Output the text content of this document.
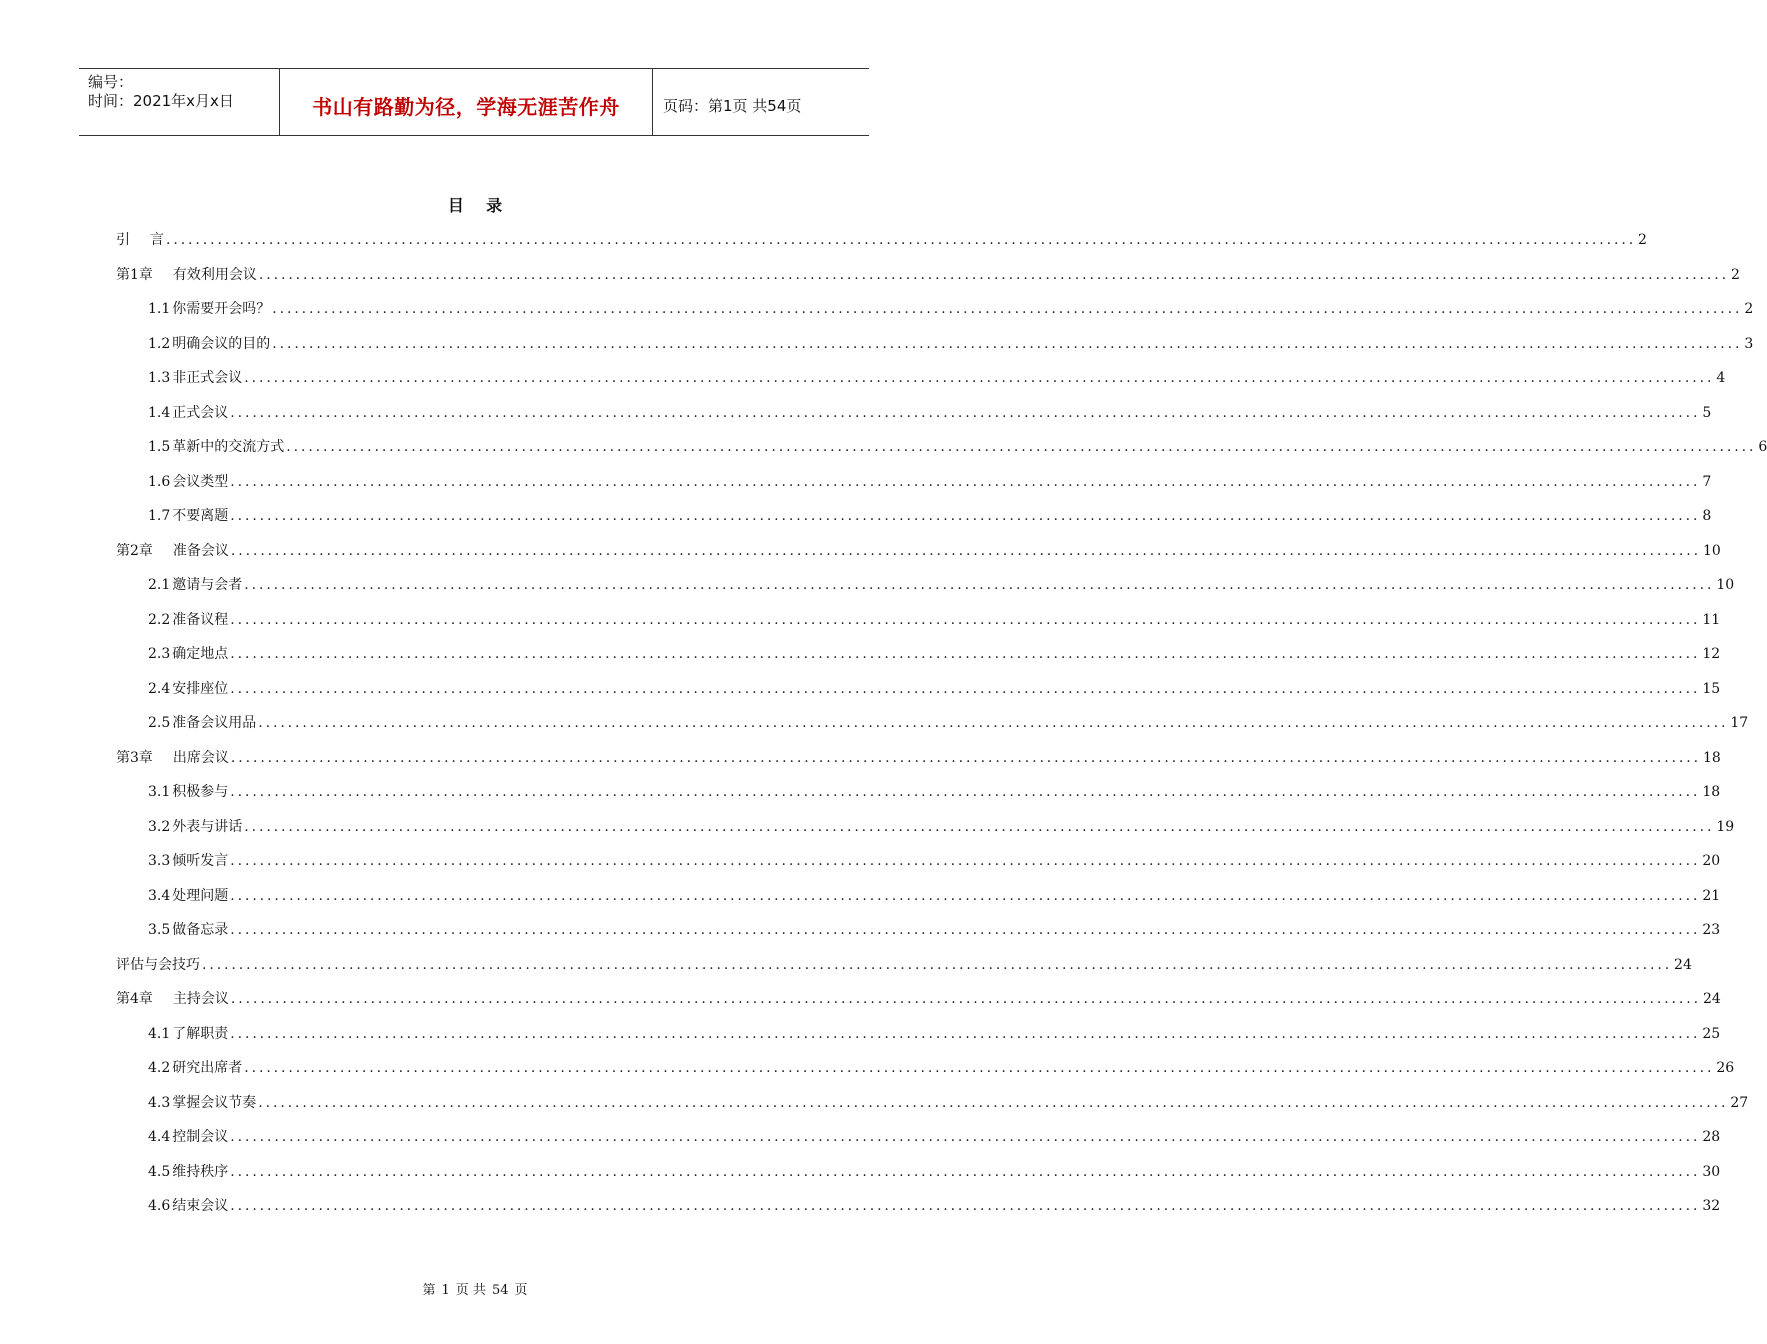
编号：
时间：2021年x月x日	书山有路勤为径，学海无涯苦作舟	页码：第1页 共54页
目    录
引 言 ........................................................................................................................................................................................................ 2
第1章 有效利用会议 ........................................................................................................................................................................................................ 2
1.1 你需要开会吗？ ........................................................................................................................................................................................................ 2
1.2 明确会议的目的 ........................................................................................................................................................................................................ 3
1.3 非正式会议 ........................................................................................................................................................................................................ 4
1.4 正式会议 ........................................................................................................................................................................................................ 5
1.5 革新中的交流方式 ........................................................................................................................................................................................................ 6
1.6 会议类型 ........................................................................................................................................................................................................ 7
1.7 不要离题 ........................................................................................................................................................................................................ 8
第2章 准备会议 ........................................................................................................................................................................................................ 10
2.1 邀请与会者 ........................................................................................................................................................................................................ 10
2.2 准备议程 ........................................................................................................................................................................................................ 11
2.3 确定地点 ........................................................................................................................................................................................................ 12
2.4 安排座位 ........................................................................................................................................................................................................ 15
2.5 准备会议用品 ........................................................................................................................................................................................................ 17
第3章 出席会议 ........................................................................................................................................................................................................ 18
3.1 积极参与 ........................................................................................................................................................................................................ 18
3.2 外表与讲话 ........................................................................................................................................................................................................ 19
3.3 倾听发言 ........................................................................................................................................................................................................ 20
3.4 处理问题 ........................................................................................................................................................................................................ 21
3.5 做备忘录 ........................................................................................................................................................................................................ 23
评估与会技巧 ........................................................................................................................................................................................................ 24
第4章 主持会议 ........................................................................................................................................................................................................ 24
4.1 了解职责 ........................................................................................................................................................................................................ 25
4.2 研究出席者 ........................................................................................................................................................................................................ 26
4.3 掌握会议节奏 ........................................................................................................................................................................................................ 27
4.4 控制会议 ........................................................................................................................................................................................................ 28
4.5 维持秩序 ........................................................................................................................................................................................................ 30
4.6 结束会议 ........................................................................................................................................................................................................ 32
第 1 页 共 54 页
